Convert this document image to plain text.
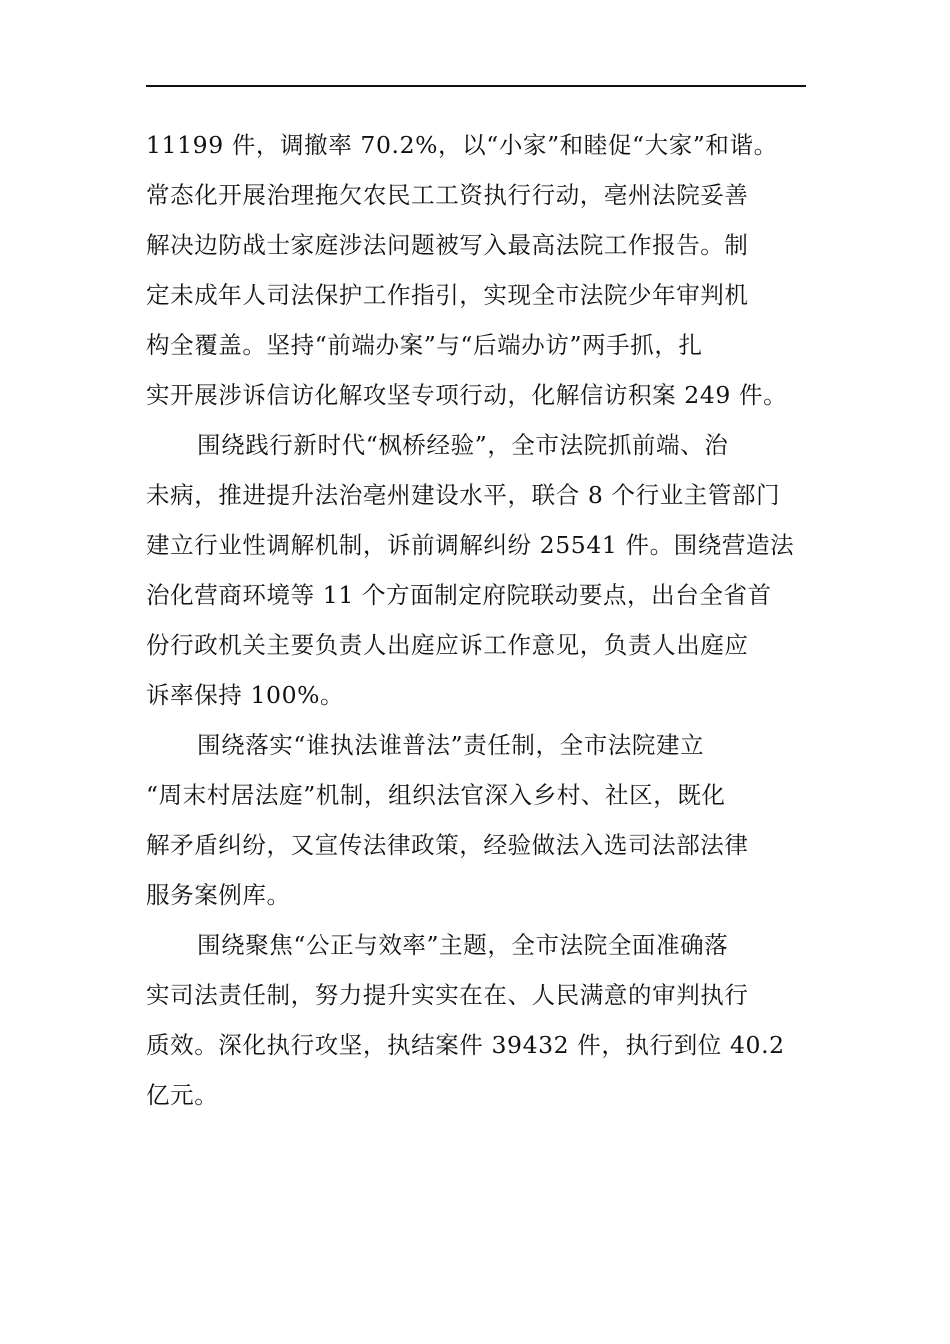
11199 件，调撤率 70.2%，以“小家”和睦促“大家”和谐。
常态化开展治理拖欠农民工工资执行行动，亳州法院妥善
解决边防战士家庭涉法问题被写入最高法院工作报告。制
定未成年人司法保护工作指引，实现全市法院少年审判机
构全覆盖。坚持“前端办案”与“后端办访”两手抓，扎
实开展涉诉信访化解攻坚专项行动，化解信访积案 249 件。
围绕践行新时代“枫桥经验”，全市法院抓前端、治
未病，推进提升法治亳州建设水平，联合 8 个行业主管部门
建立行业性调解机制，诉前调解纠纷 25541 件。围绕营造法
治化营商环境等 11 个方面制定府院联动要点，出台全省首
份行政机关主要负责人出庭应诉工作意见，负责人出庭应
诉率保持 100%。
围绕落实“谁执法谁普法”责任制，全市法院建立
“周末村居法庭”机制，组织法官深入乡村、社区，既化
解矛盾纠纷，又宣传法律政策，经验做法入选司法部法律
服务案例库。
围绕聚焦“公正与效率”主题，全市法院全面准确落
实司法责任制，努力提升实实在在、人民满意的审判执行
质效。深化执行攻坚，执结案件 39432 件，执行到位 40.2
亿元。
